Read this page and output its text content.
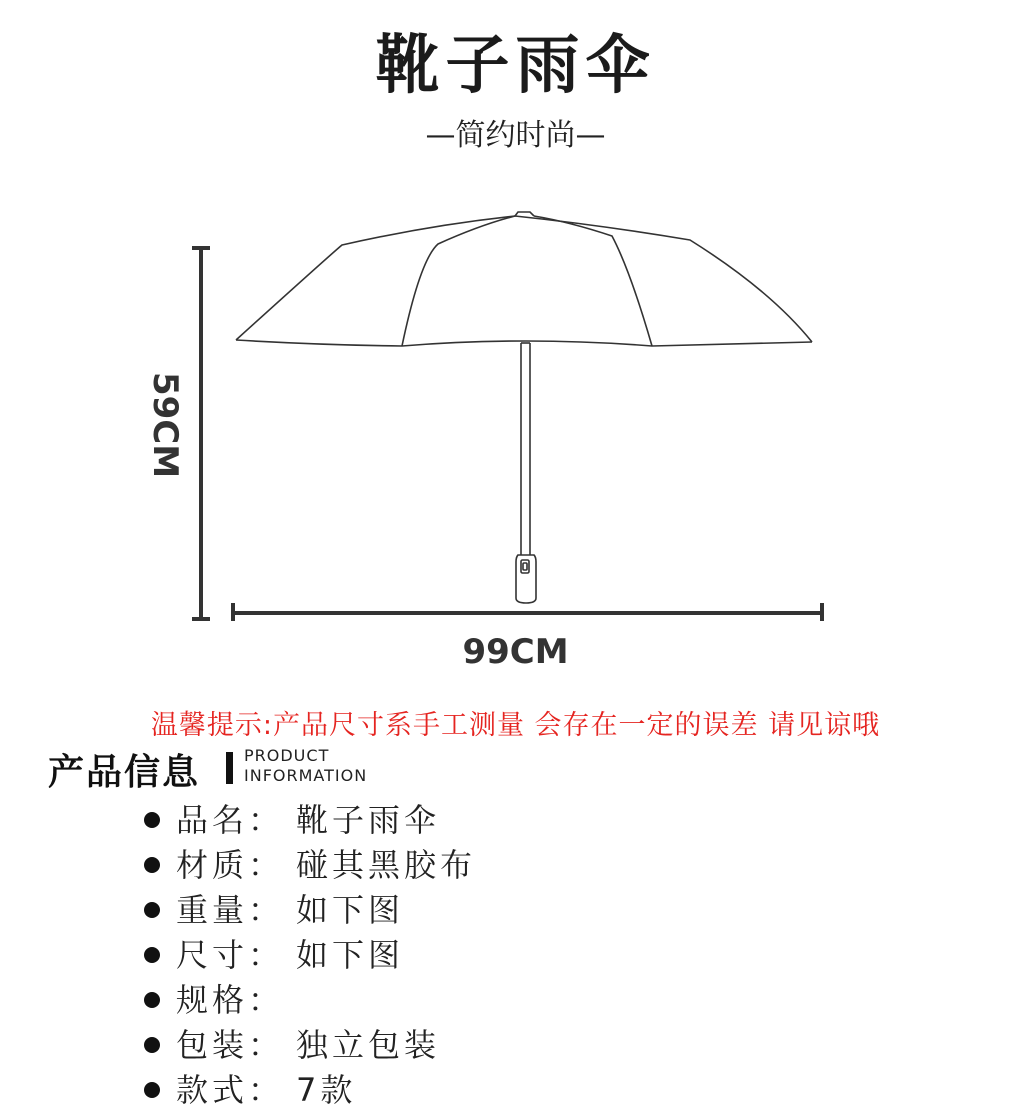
靴子雨伞
—简约时尚—
59CM
99CM
温馨提示:产品尺寸系手工测量 会存在一定的误差 请见谅哦
产品信息	PRODUCT
INFORMATION
品名： 靴子雨伞
材质： 碰其黑胶布
重量： 如下图
尺寸： 如下图
规格：
包装： 独立包装
款式： 7款
